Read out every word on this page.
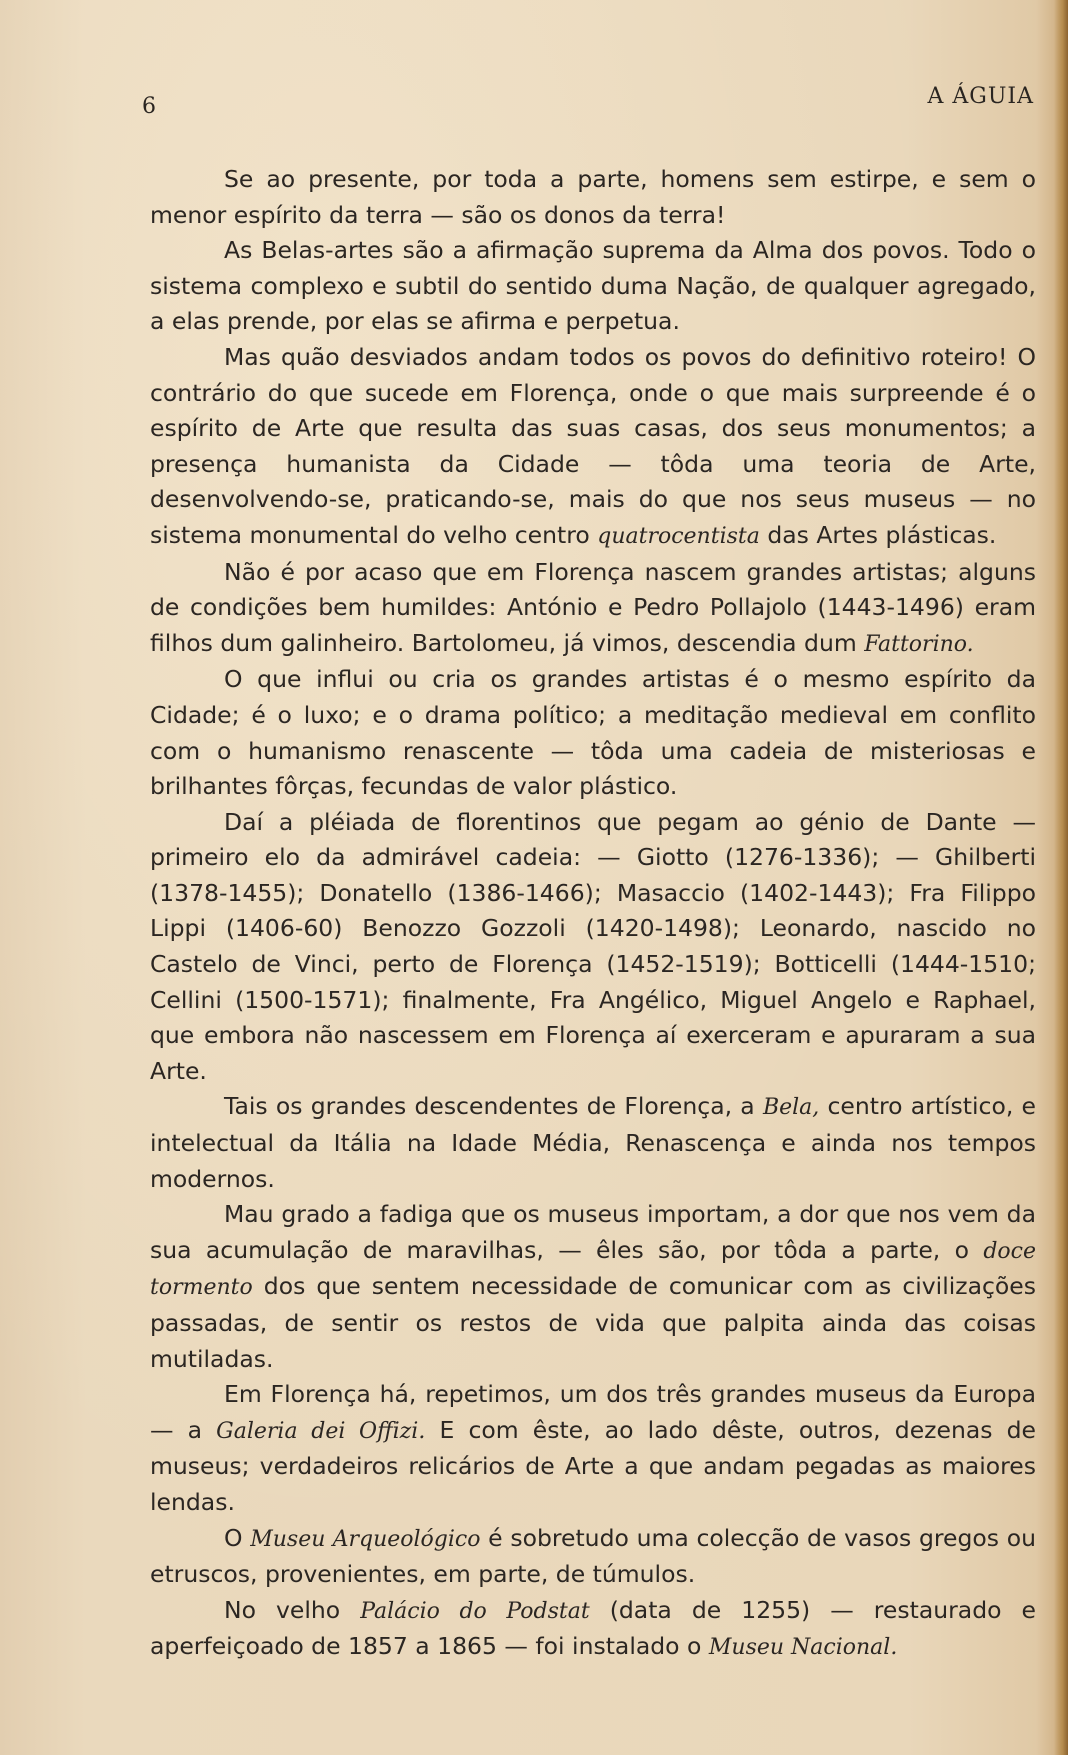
6	A ÁGUIA

Se ao presente, por toda a parte, homens sem estirpe, e sem o menor espírito da terra — são os donos da terra!

As Belas-artes são a afirmação suprema da Alma dos povos. Todo o sistema complexo e subtil do sentido duma Nação, de qualquer agregado, a elas prende, por elas se afirma e perpetua.

Mas quão desviados andam todos os povos do definitivo roteiro! O contrário do que sucede em Florença, onde o que mais surpreende é o espírito de Arte que resulta das suas casas, dos seus monumentos; a presença humanista da Cidade — tôda uma teoria de Arte, desenvolvendo-se, praticando-se, mais do que nos seus museus — no sistema monumental do velho centro quatrocentista das Artes plásticas.

Não é por acaso que em Florença nascem grandes artistas; alguns de condições bem humildes: António e Pedro Pollajolo (1443-1496) eram filhos dum galinheiro. Bartolomeu, já vimos, descendia dum Fattorino.

O que influi ou cria os grandes artistas é o mesmo espírito da Cidade; é o luxo; e o drama político; a meditação medieval em conflito com o humanismo renascente — tôda uma cadeia de misteriosas e brilhantes fôrças, fecundas de valor plástico.

Daí a pléiada de florentinos que pegam ao génio de Dante — primeiro elo da admirável cadeia: — Giotto (1276-1336); — Ghilberti (1378-1455); Donatello (1386-1466); Masaccio (1402-1443); Fra Filippo Lippi (1406-60) Benozzo Gozzoli (1420-1498); Leonardo, nascido no Castelo de Vinci, perto de Florença (1452-1519); Botticelli (1444-1510; Cellini (1500-1571); finalmente, Fra Angélico, Miguel Angelo e Raphael, que embora não nascessem em Florença aí exerceram e apuraram a sua Arte.

Tais os grandes descendentes de Florença, a Bela, centro artístico, e intelectual da Itália na Idade Média, Renascença e ainda nos tempos modernos.

Mau grado a fadiga que os museus importam, a dor que nos vem da sua acumulação de maravilhas, — êles são, por tôda a parte, o doce tormento dos que sentem necessidade de comunicar com as civilizações passadas, de sentir os restos de vida que palpita ainda das coisas mutiladas.

Em Florença há, repetimos, um dos três grandes museus da Europa — a Galeria dei Offizi. E com êste, ao lado dêste, outros, dezenas de museus; verdadeiros relicários de Arte a que andam pegadas as maiores lendas.

O Museu Arqueológico é sobretudo uma colecção de vasos gregos ou etruscos, provenientes, em parte, de túmulos.

No velho Palácio do Podstat (data de 1255) — restaurado e aperfeiçoado de 1857 a 1865 — foi instalado o Museu Nacional.
